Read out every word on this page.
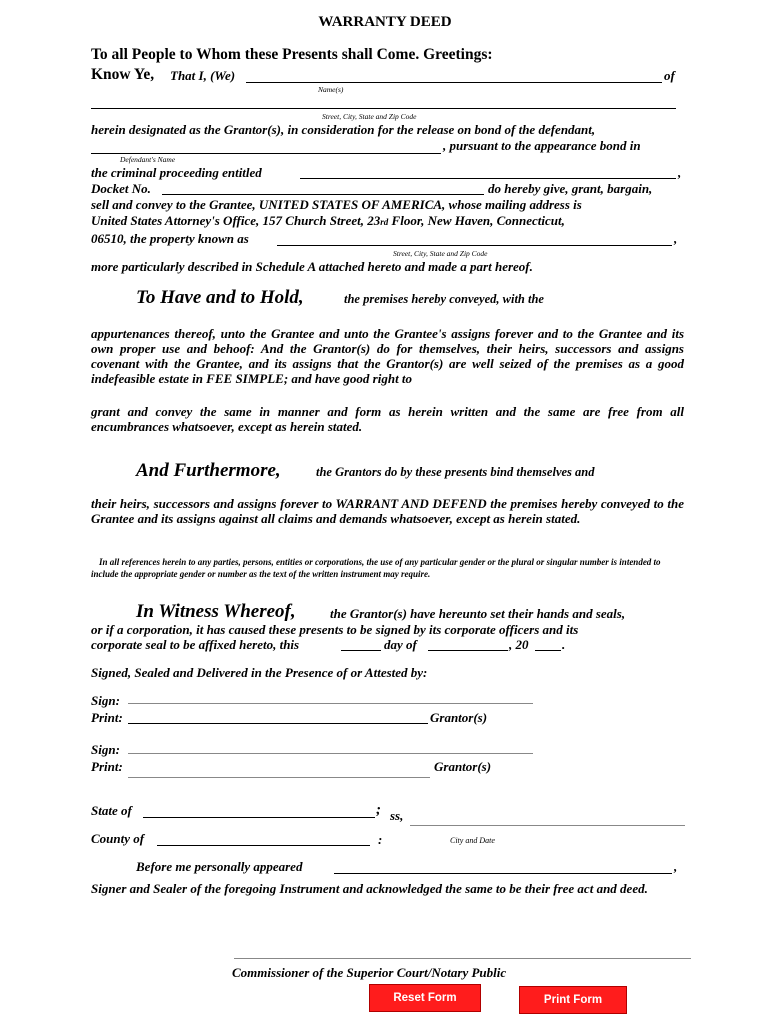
WARRANTY DEED
To all People to Whom these Presents shall Come. Greetings:
Know Ye, That I, (We)	of
Name(s)
Street, City, State and Zip Code
herein designated as the Grantor(s), in consideration for the release on bond of the defendant,
, pursuant to the appearance bond in
Defendant's Name
the criminal proceeding entitled	,
Docket No.	do hereby give, grant, bargain,
sell and convey to the Grantee, UNITED STATES OF AMERICA, whose mailing address is
United States Attorney's Office, 157 Church Street, 23rd Floor, New Haven, Connecticut,
06510, the property known as	,
Street, City, State and Zip Code
more particularly described in Schedule A attached hereto and made a part hereof.
To Have and to Hold,	the premises hereby conveyed, with the
appurtenances thereof, unto the Grantee and unto the Grantee's assigns forever and to the Grantee and its own proper use and behoof: And the Grantor(s) do for themselves, their heirs, successors and assigns covenant with the Grantee, and its assigns that the Grantor(s) are well seized of the premises as a good indefeasible estate in FEE SIMPLE; and have good right to
grant and convey the same in manner and form as herein written and the same are free from all encumbrances whatsoever, except as herein stated.
And Furthermore,	the Grantors do by these presents bind themselves and
their heirs, successors and assigns forever to WARRANT AND DEFEND the premises hereby conveyed to the Grantee and its assigns against all claims and demands whatsoever, except as herein stated.
In all references herein to any parties, persons, entities or corporations, the use of any particular gender or the plural or singular number is intended to include the appropriate gender or number as the text of the written instrument may require.
In Witness Whereof,	the Grantor(s) have hereunto set their hands and seals,
or if a corporation, it has caused these presents to be signed by its corporate officers and its
corporate seal to be affixed hereto, this	day of	, 20	.
Signed, Sealed and Delivered in the Presence of or Attested by:
Sign:
Print:	Grantor(s)
Sign:
Print:	Grantor(s)
State of	; ss,
County of	:	City and Date
Before me personally appeared	,
Signer and Sealer of the foregoing Instrument and acknowledged the same to be their free act and deed.
Commissioner of the Superior Court/Notary Public
Reset Form	Print Form
